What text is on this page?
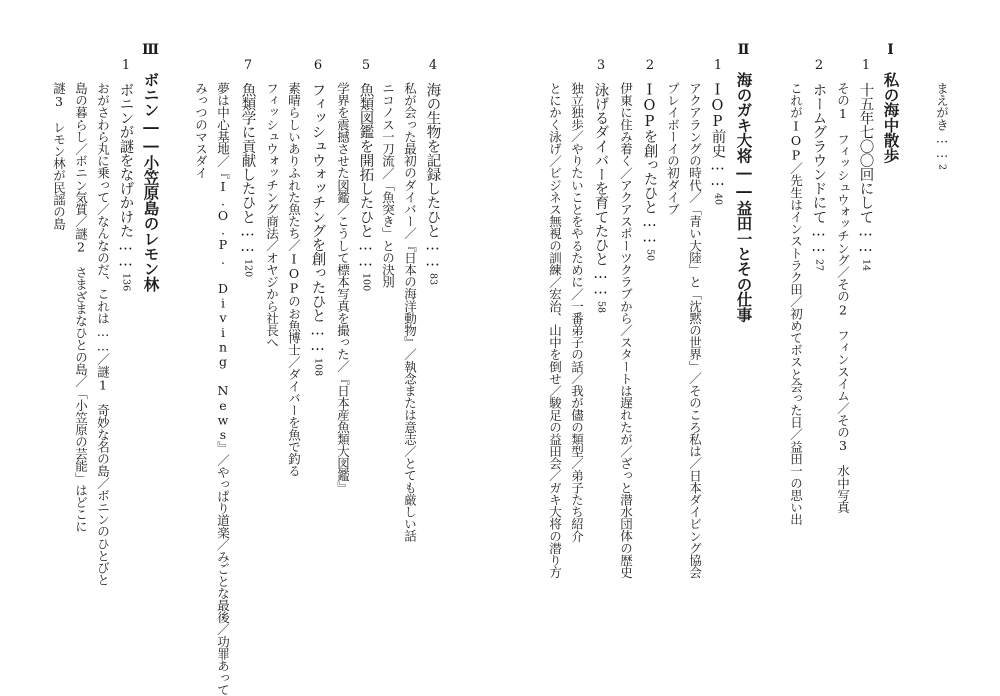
まえがき……2
Ⅰ私の海中散歩
1十五年七〇〇回にして……14
その1　フィッシュウォッチング／その2　フィンスイム／その3　水中写真
2ホームグラウンドにて……27
これがIOP／先生はインストラク田／初めてボスと会った日／益田一の思い出
Ⅱ海のガキ大将――益田一とその仕事
1IOP前史……40
アクアラングの時代／「青い大陸」と「沈黙の世界」／そのころ私は／日本ダイビング協会
プレイボーイの初ダイブ
2IOPを創ったひと……50
伊東に住み着く／アクアスポーツクラブから／スタートは遅れたが／ざっと潜水団体の歴史
3泳げるダイバーを育てたひと……58
独立独歩／やりたいことをやるために／一番弟子の話／我が儘の類型／弟子たち紹介
とにかく泳げ／ビジネス無視の訓練／宏治、山中を倒せ／駿足の益田会／ガキ大将の潜り方
4海の生物を記録したひと……83
私が会った最初のダイバー／『日本の海洋動物』／執念または意志／とても厳しい話
ニコノス一刀流／「魚突き」との決別
5魚類図鑑を開拓したひと……100
学界を震撼させた図鑑／こうして標本写真を撮った／『日本産魚類大図鑑』
6フィッシュウォッチングを創ったひと……108
素晴らしいありふれた魚たち／IOPのお魚博士／ダイバーを魚で釣る
フィッシュウォッチング商法／オヤジから社長へ
7魚類学に貢献したひと……120
夢は中心基地／『I.O.P. Diving News』／やっぱり道楽／みごとな最後／功罪あって
みっつのマスダイ
Ⅲボニン――小笠原島のレモン林
1ボニンが謎をなげかけた……136
おがさわら丸に乗って／なんなのだ、これは……／謎1　奇妙な名の島／ボニンのひとびと
島の暮らし／ボニン気質／謎2　さまざまなひとの島／「小笠原の芸能」はどこに
謎3　レモン林が民謡の島
